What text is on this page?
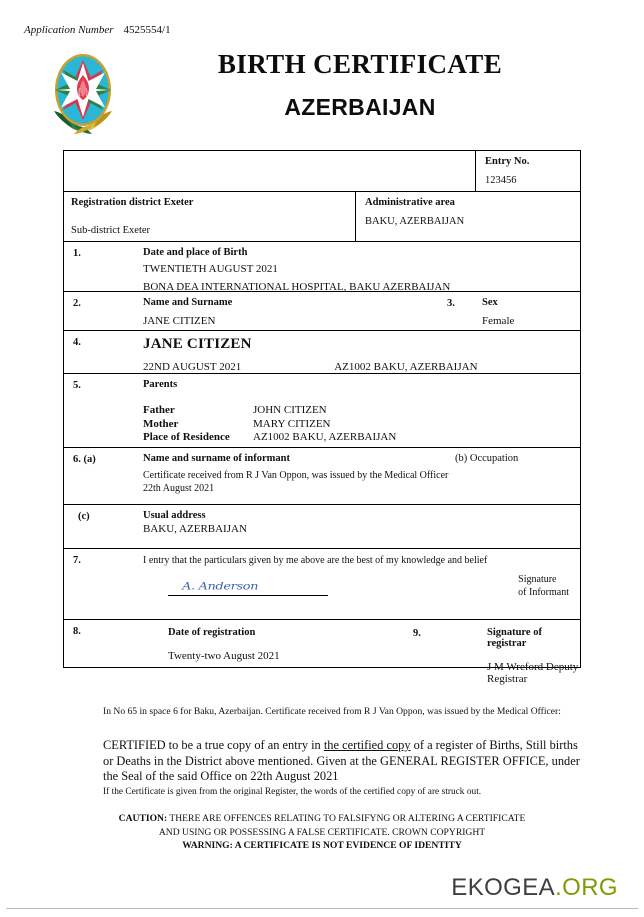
Application Number 4525554/1
BIRTH CERTIFICATE
AZERBAIJAN
Entry No.
123456
Registration district Exeter
Sub-district Exeter
Administrative area
BAKU, AZERBAIJAN
1.	Date and place of Birth
TWENTIETH AUGUST 2021
BONA DEA INTERNATIONAL HOSPITAL, BAKU AZERBAIJAN
2.	Name and Surname
JANE CITIZEN
3.	Sex
Female
4.	JANE CITIZEN
22ND AUGUST 2021	AZ1002 BAKU, AZERBAIJAN
5.	Parents
Father	JOHN CITIZEN
Mother	MARY CITIZEN
Place of Residence	AZ1002 BAKU, AZERBAIJAN
6. (a)	Name and surname of informant	(b) Occupation
Certificate received from R J Van Oppon, was issued by the Medical Officer
22th August 2021
(c)	Usual address
BAKU, AZERBAIJAN
7.	I entry that the particulars given by me above are the best of my knowledge and belief
A. Anderson
Signature
of Informant
8.	Date of registration
Twenty-two August 2021
9.	Signature of registrar
J M Wreford Deputy Registrar
In No 65 in space 6 for Baku, Azerbaijan. Certificate received from R J Van Oppon, was issued by the Medical Officer:
CERTIFIED to be a true copy of an entry in the certified copy of a register of Births, Still births or Deaths in the District above mentioned. Given at the GENERAL REGISTER OFFICE, under the Seal of the said Office on 22th August 2021
If the Certificate is given from the original Register, the words of the certified copy of are struck out.
CAUTION: THERE ARE OFFENCES RELATING TO FALSIFYNG OR ALTERING A CERTIFICATE
AND USING OR POSSESSING A FALSE CERTIFICATE. CROWN COPYRIGHT
WARNING: A CERTIFICATE IS NOT EVIDENCE OF IDENTITY
EKOGEA.ORG
